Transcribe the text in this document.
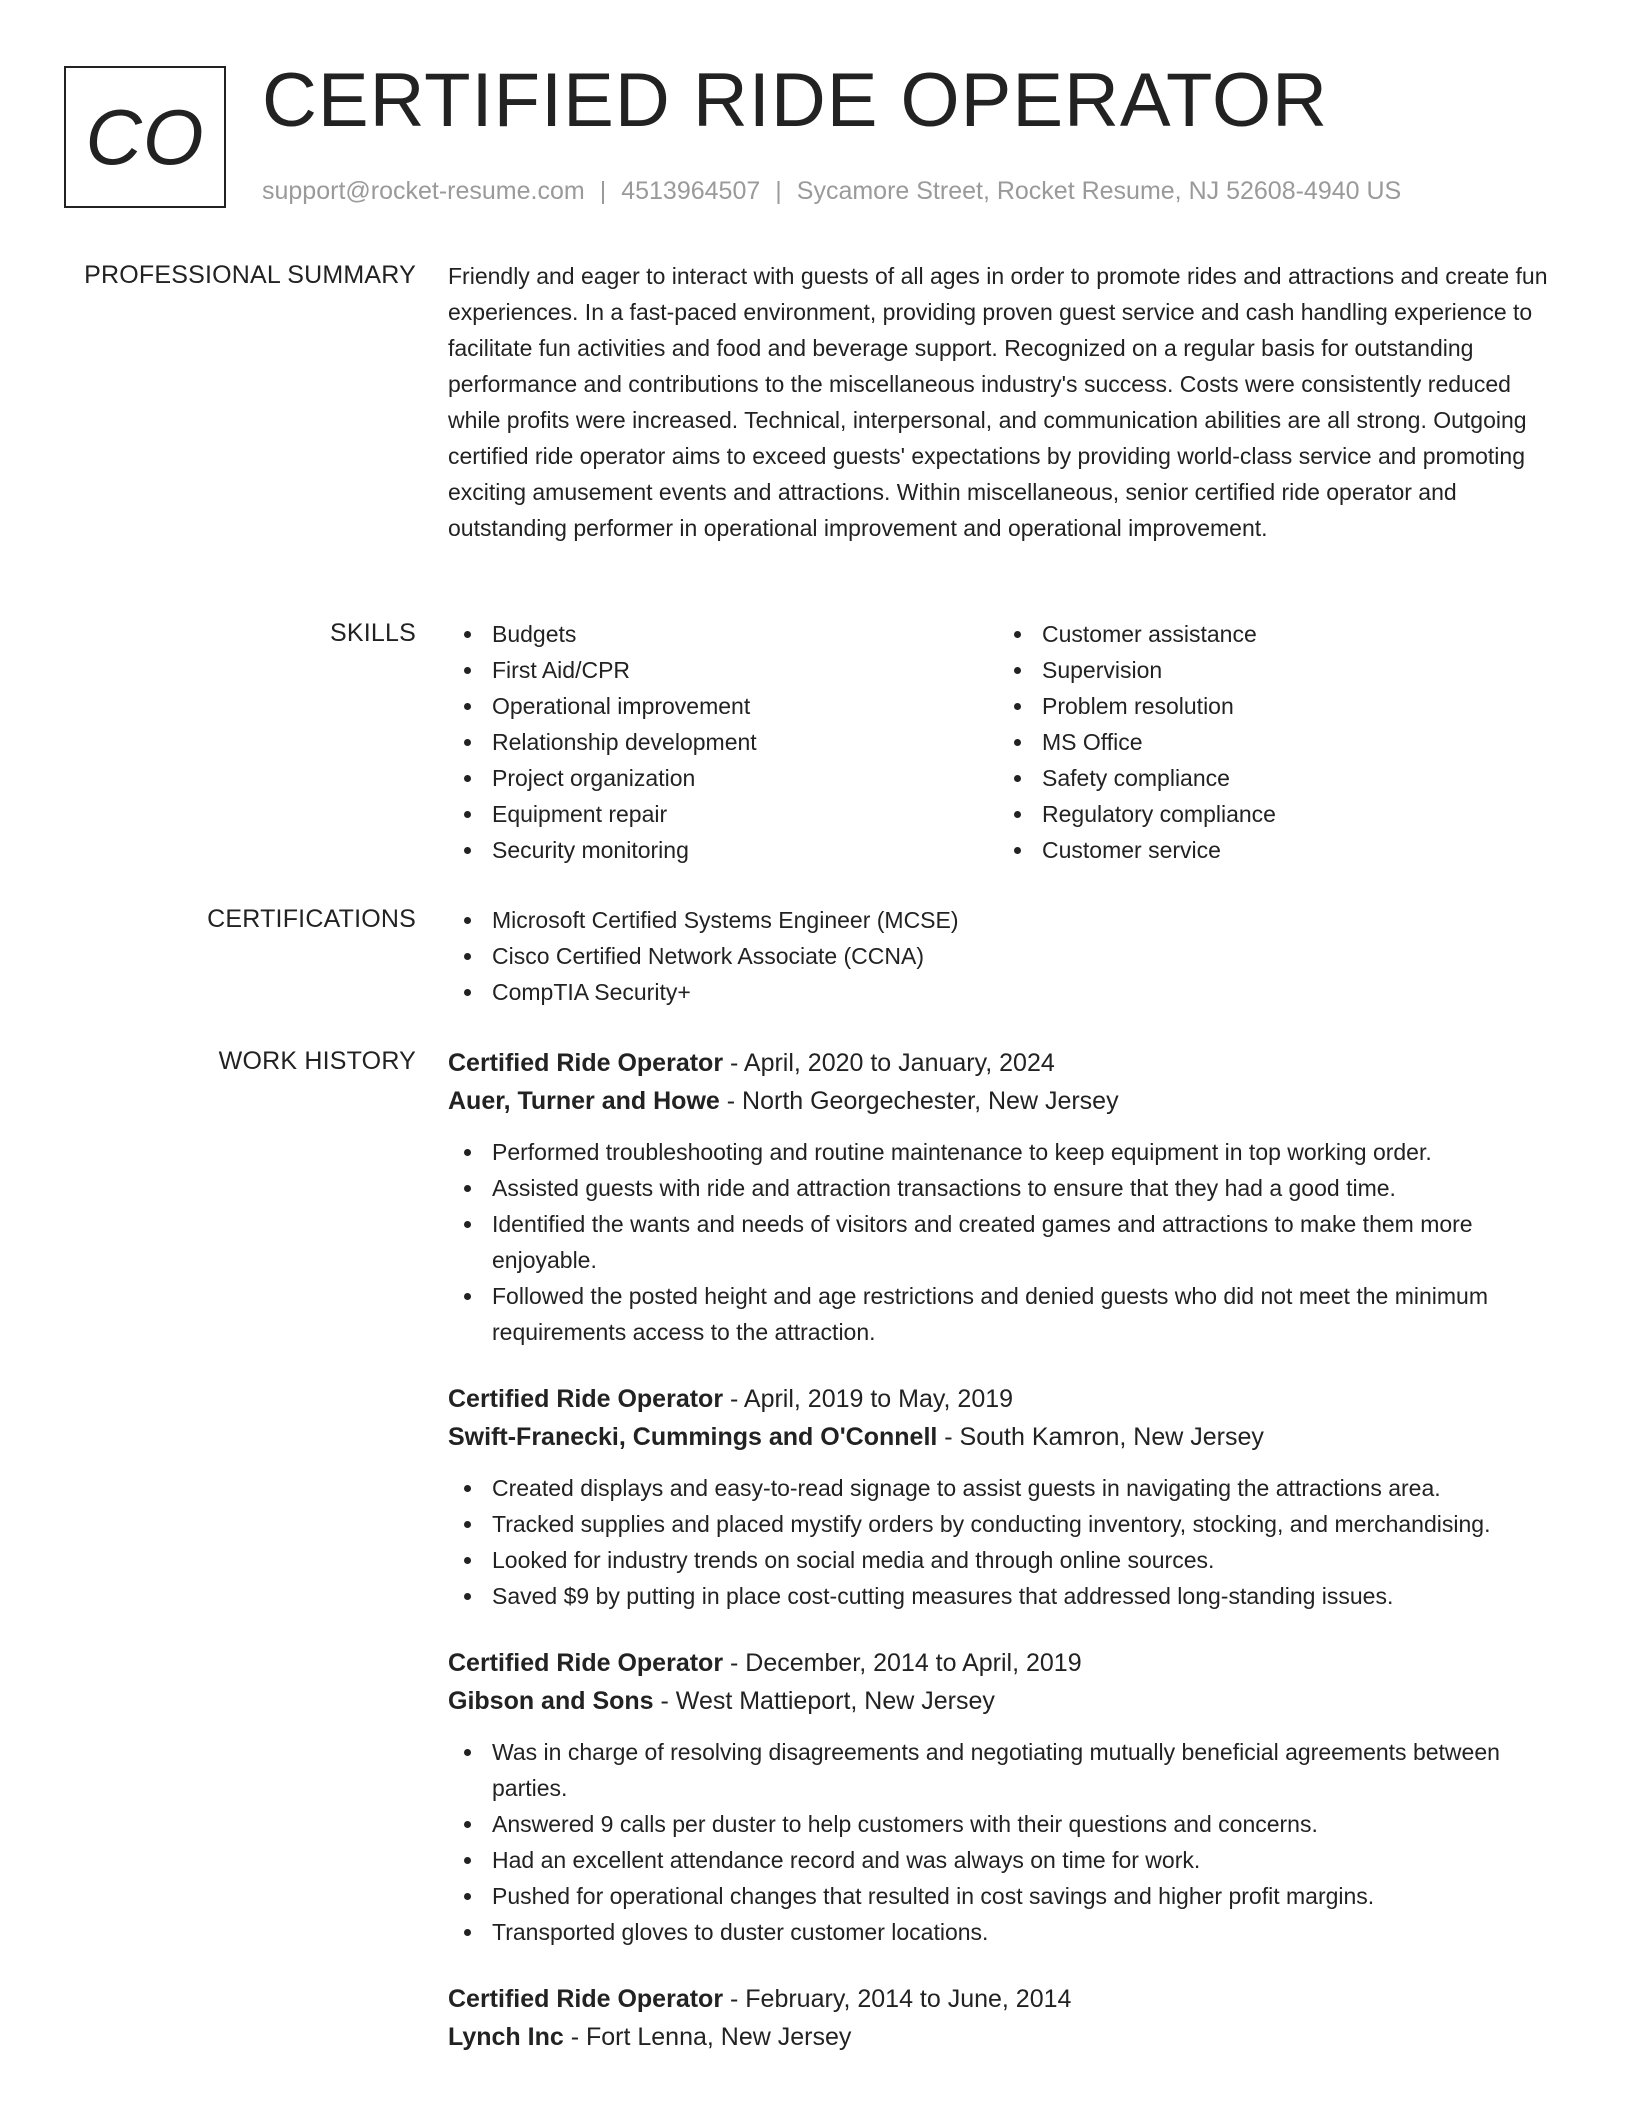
CO CERTIFIED RIDE OPERATOR
support@rocket-resume.com | 4513964507 | Sycamore Street, Rocket Resume, NJ 52608-4940 US
PROFESSIONAL SUMMARY Friendly and eager to interact with guests of all ages in order to promote rides and attractions and create fun experiences. In a fast-paced environment, providing proven guest service and cash handling experience to facilitate fun activities and food and beverage support. Recognized on a regular basis for outstanding performance and contributions to the miscellaneous industry's success. Costs were consistently reduced while profits were increased. Technical, interpersonal, and communication abilities are all strong. Outgoing certified ride operator aims to exceed guests' expectations by providing world-class service and promoting exciting amusement events and attractions. Within miscellaneous, senior certified ride operator and outstanding performer in operational improvement and operational improvement.

SKILLS	Budgets
First Aid/CPR
Operational improvement
Relationship development
Project organization
Equipment repair
Security monitoring
Customer assistance
Supervision
Problem resolution
MS Office
Safety compliance
Regulatory compliance
Customer service
CERTIFICATIONS	Microsoft Certified Systems Engineer (MCSE)
Cisco Certified Network Associate (CCNA)
CompTIA Security+
WORK HISTORY Certified Ride Operator - April, 2020 to January, 2024
Auer, Turner and Howe - North Georgechester, New Jersey
Performed troubleshooting and routine maintenance to keep equipment in top working order.
Assisted guests with ride and attraction transactions to ensure that they had a good time.
Identified the wants and needs of visitors and created games and attractions to make them more enjoyable.
Followed the posted height and age restrictions and denied guests who did not meet the minimum requirements access to the attraction.
Certified Ride Operator - April, 2019 to May, 2019
Swift-Franecki, Cummings and O'Connell - South Kamron, New Jersey
Created displays and easy-to-read signage to assist guests in navigating the attractions area.
Tracked supplies and placed mystify orders by conducting inventory, stocking, and merchandising.
Looked for industry trends on social media and through online sources.
Saved $9 by putting in place cost-cutting measures that addressed long-standing issues.
Certified Ride Operator - December, 2014 to April, 2019
Gibson and Sons - West Mattieport, New Jersey
Was in charge of resolving disagreements and negotiating mutually beneficial agreements between parties.
Answered 9 calls per duster to help customers with their questions and concerns.
Had an excellent attendance record and was always on time for work.
Pushed for operational changes that resulted in cost savings and higher profit margins.
Transported gloves to duster customer locations.
Certified Ride Operator - February, 2014 to June, 2014
Lynch Inc - Fort Lenna, New Jersey
